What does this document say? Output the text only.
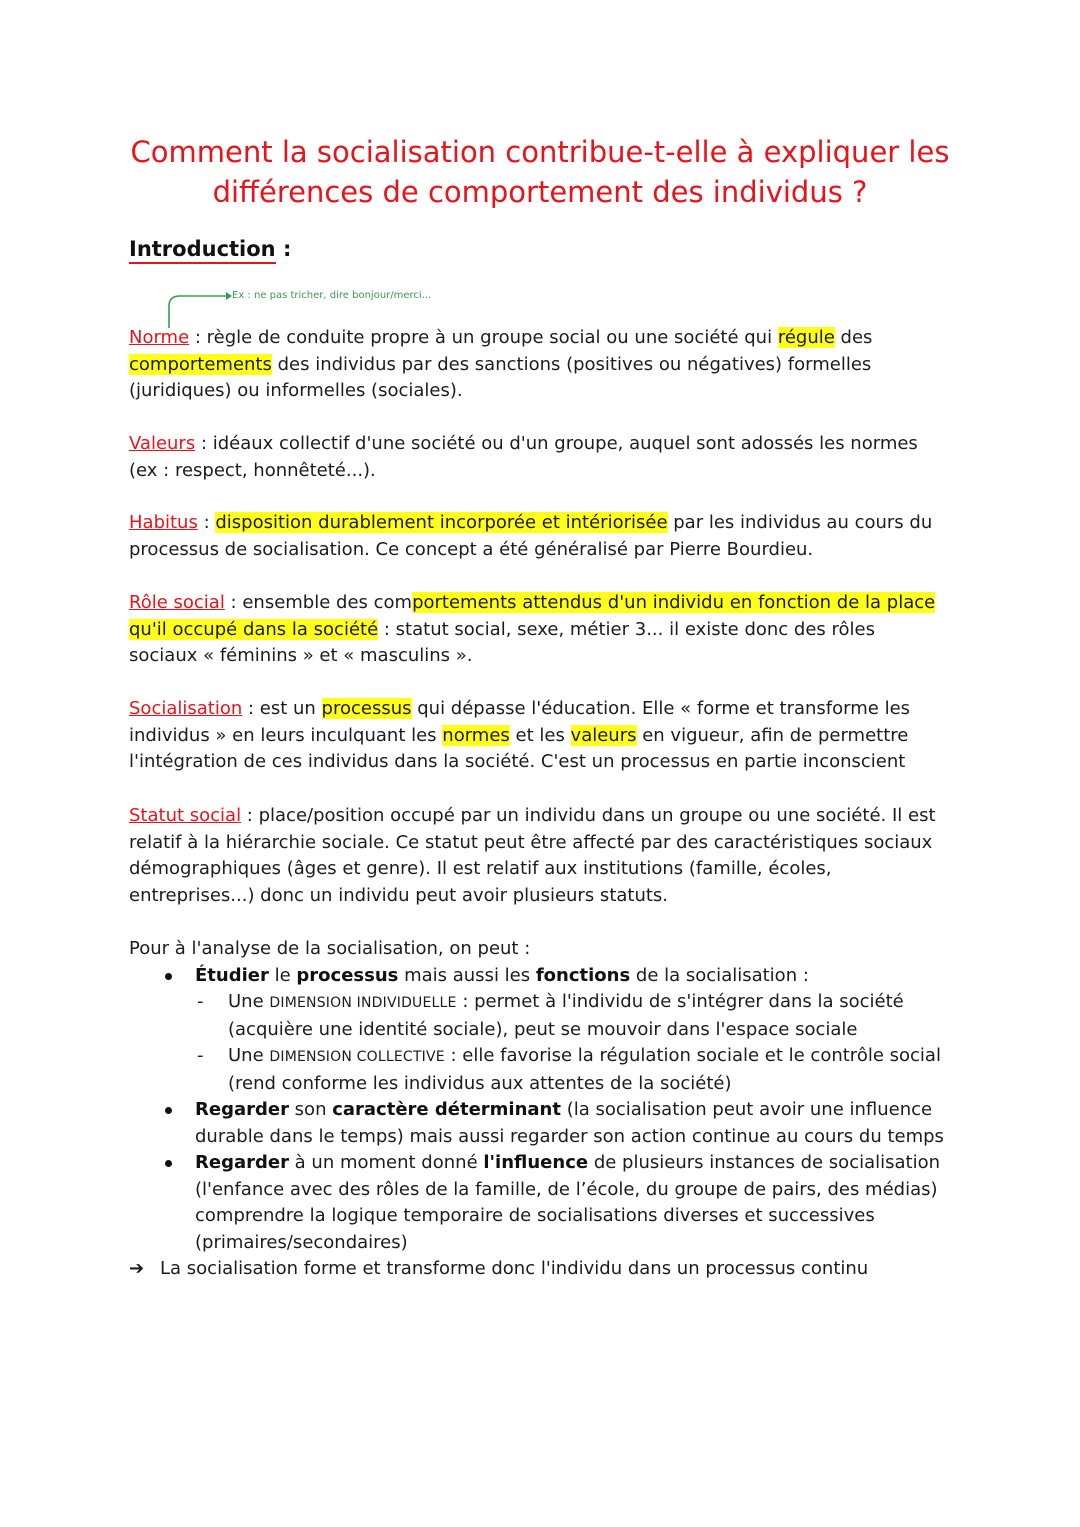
Comment la socialisation contribue-t-elle à expliquer les
différences de comportement des individus ?
Introduction :
Ex : ne pas tricher, dire bonjour/merci...
Norme : règle de conduite propre à un groupe social ou une société qui régule des comportements des individus par des sanctions (positives ou négatives) formelles (juridiques) ou informelles (sociales).
Valeurs : idéaux collectif d'une société ou d'un groupe, auquel sont adossés les normes (ex : respect, honnêteté...).
Habitus : disposition durablement incorporée et intériorisée par les individus au cours du processus de socialisation. Ce concept a été généralisé par Pierre Bourdieu.
Rôle social : ensemble des comportements attendus d'un individu en fonction de la place qu'il occupé dans la société : statut social, sexe, métier 3... il existe donc des rôles sociaux « féminins » et « masculins ».
Socialisation : est un processus qui dépasse l'éducation. Elle « forme et transforme les individus » en leurs inculquant les normes et les valeurs en vigueur, afin de permettre l'intégration de ces individus dans la société. C'est un processus en partie inconscient
Statut social : place/position occupé par un individu dans un groupe ou une société. Il est relatif à la hiérarchie sociale. Ce statut peut être affecté par des caractéristiques sociaux démographiques (âges et genre). Il est relatif aux institutions (famille, écoles, entreprises...) donc un individu peut avoir plusieurs statuts.
Pour à l'analyse de la socialisation, on peut :
Étudier le processus mais aussi les fonctions de la socialisation :
- Une DIMENSION INDIVIDUELLE : permet à l'individu de s'intégrer dans la société (acquière une identité sociale), peut se mouvoir dans l'espace sociale
- Une DIMENSION COLLECTIVE : elle favorise la régulation sociale et le contrôle social (rend conforme les individus aux attentes de la société)
Regarder son caractère déterminant (la socialisation peut avoir une influence durable dans le temps) mais aussi regarder son action continue au cours du temps
Regarder à un moment donné l'influence de plusieurs instances de socialisation (l'enfance avec des rôles de la famille, de l’école, du groupe de pairs, des médias) comprendre la logique temporaire de socialisations diverses et successives (primaires/secondaires)
➔ La socialisation forme et transforme donc l'individu dans un processus continu
